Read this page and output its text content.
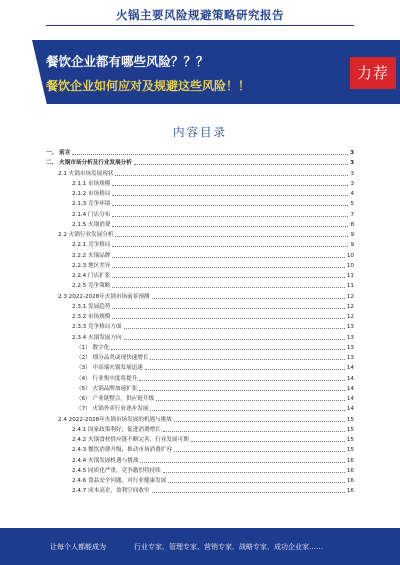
火锅主要风险规避策略研究报告
餐饮企业都有哪些风险？？？
餐饮企业如何应对及规避这些风险！！
力荐
内容目录
一、 前言	3
二、 火锅市场分析及行业发展分析	3
2.1 火锅市场发展现状	3
2.1.1 市场规模	3
2.1.2 市场格局	4
2.1.3 竞争环境	5
2.1.4 门店分布	7
2.1.5 火锅消费	8
2.2 火锅行业发展分析	9
2.2.1 竞争格局	9
2.2.2 火锅品牌	10
2.2.3 地区差异	10
2.2.4 门店扩张	11
2.2.5 竞争策略	11
2.3 2022-2028年火锅市场前景预测	12
2.3.1 发展趋势	12
2.3.2 市场规模	12
2.3.3 竞争格局方面	13
2.3.4 火锅发展方向	13
（1） 数字化	13
（2） 细分品类或现快速增长	13
（3） 中高端火锅发展迅速	14
（4） 行业集中度将提升	14
（5） 火锅品牌加速扩张	14
（6） 产业链整合，供应链升级	14
（7） 火锅外卖行业逐步发展	14
2.4 2022-2028年火锅市场发展的机遇与挑战	15
2.4.1 国家政策利好，促进消费增长	15
2.4.2 火锅食材供应链不断完善，行业发展可期	15
2.4.3 餐饮消费升级，推动市场消费扩容	15
2.4.4 火锅发展机遇与挑战	16
2.4.5 同质化严重，竞争激烈将持续	16
2.4.6 食品安全问题，对行业健康发展	16
2.4.7 成本高企，盈利空间收窄	16
让每个人都能成为	行业专家、管理专家、营销专家、战略专家、成功企业家……
